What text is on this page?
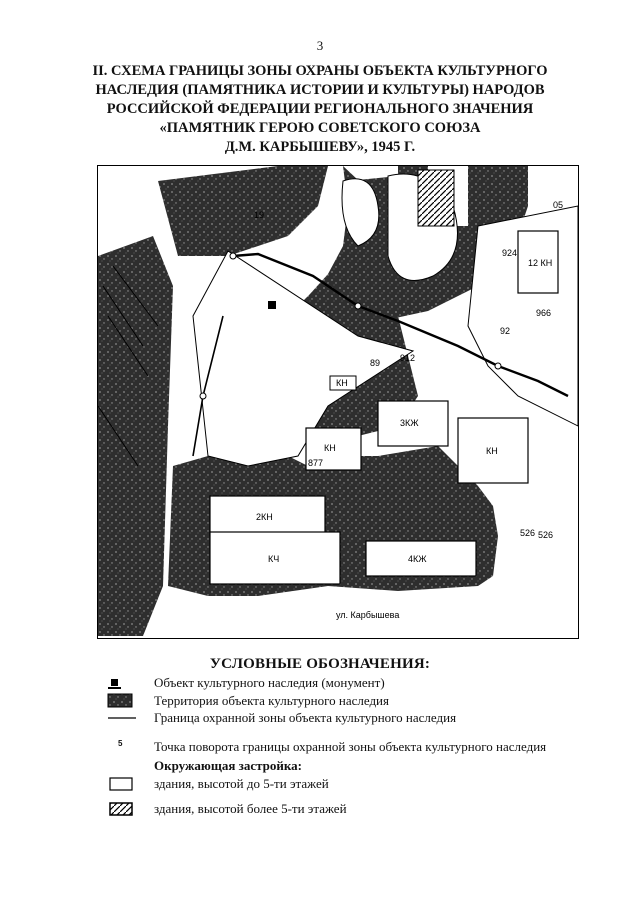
3
II. СХЕМА ГРАНИЦЫ ЗОНЫ ОХРАНЫ ОБЪЕКТА КУЛЬТУРНОГО
НАСЛЕДИЯ (ПАМЯТНИКА ИСТОРИИ И КУЛЬТУРЫ) НАРОДОВ
РОССИЙСКОЙ ФЕДЕРАЦИИ РЕГИОНАЛЬНОГО ЗНАЧЕНИЯ
«ПАМЯТНИК ГЕРОЮ СОВЕТСКОГО СОЮЗА
Д.М. КАРБЫШЕВУ», 1945 Г.
2КН
КЧ	4КЖ
3КЖ
КН	КН
КН
12 КН
19
89 912
877
05
924
966
92
526 526
ул. Карбышева
УСЛОВНЫЕ ОБОЗНАЧЕНИЯ:
Объект культурного наследия (монумент)
Территория объекта культурного наследия
Граница охранной зоны объекта культурного наследия
5	Точка поворота границы охранной зоны объекта культурного наследия
Окружающая застройка:
здания, высотой до 5-ти этажей
здания, высотой более 5-ти этажей
